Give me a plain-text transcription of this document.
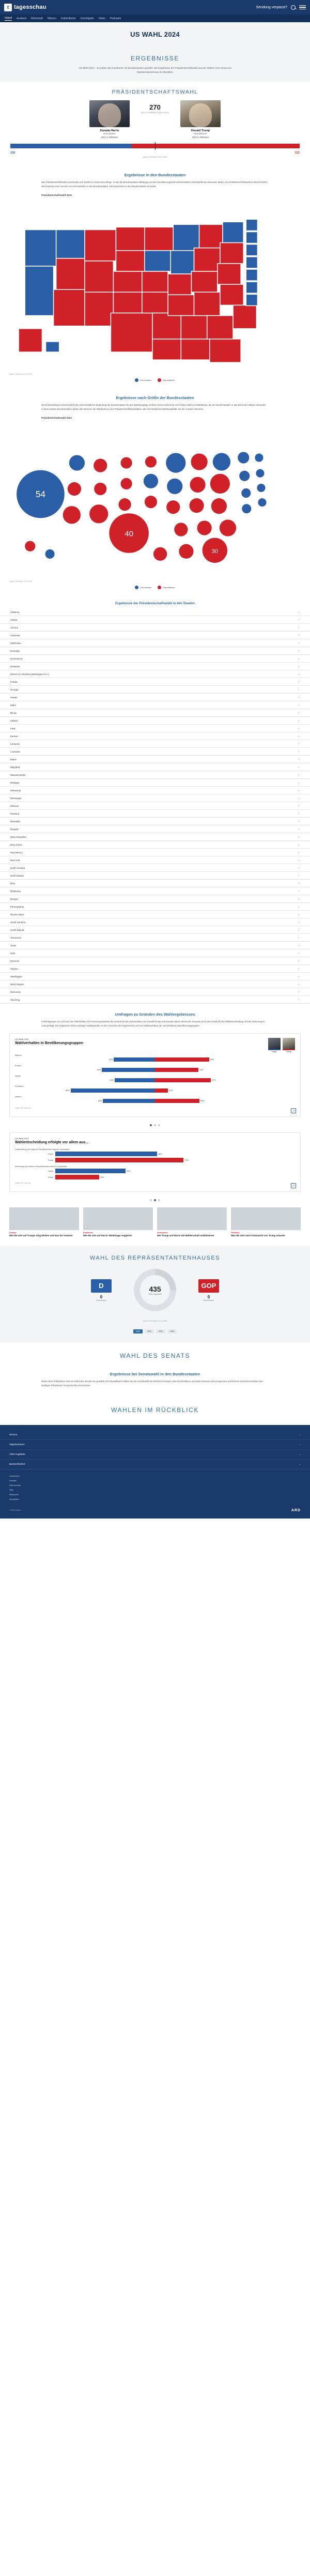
t tagesschau	Sendung verpasst?
Inland Ausland Wirtschaft Wissen Faktenfinder Investigativ Video Podcasts
US WAHL 2024
ERGEBNISSE
US-Wahl 2024 – So haben die Amerikaner US-Bundesstaaten gewählt. Die Ergebnisse der Präsidentschaftswahl und der Wahlen zum Senat und Repräsentantenhaus im Überblick.
PRÄSIDENTSCHAFTSWAHL
Kamala Harris
Demokraten
48,3 % Stimmen
270
270 STIMMEN ZUM SIEG
Donald Trump
Republikaner
49,9 % Stimmen
226	312
Quelle: AP/Stand: 13.11.2024
Ergebnisse in den Bundesstaaten
Das Präsidentschaftswahl entscheidet sich letztlich im Electoral College: In das die Bundesstaaten abhängig von ihrer Bevölkerungszahl unterschiedlich viele Wahlleute entsenden dürfen. Der Präsidentschaftswahl ist damit letztlich das Ergebnis einer Summe von Einzelwahlen in den Bundesstaaten. Die Ergebnisse in den Bundesstaaten im Detail.
Präsidentschaftswahl 2024
Quelle: AP/Stand: 13.11.2024
Demokraten	Republikaner
Ergebnisse nach Größe der Bundesstaaten
Diese Darstellung veranschaulicht die unterschiedliche Bedeutung der Bundesstaaten für den Wahlausgang: Größere Kreise stehen für eine höhere Zahl von Wahlleuten, die der Bundesstaaten in das Electoral College entsenden. In dem meisten Bundesstaaten gehen alle Stimmen der Wahlleute an den Präsidentschaftskandidaten oder die Präsidentschaftskandidatin mit den meisten Stimmen.
Präsidentschaftswahl 2024
54
40
30
Quelle: AP/Stand: 13.11.2024
Demokraten	Republikaner
Ergebnisse der Präsidentschaftswahl in den Staaten
Alabama	⌄
Alaska	⌄
Arizona	⌄
Arkansas	⌄
Kalifornien	⌄
Colorado	⌄
Connecticut	⌄
Delaware	⌄
District of Columbia (Washington D.C.)	⌄
Florida	⌄
Georgia	⌄
Hawaii	⌄
Idaho	⌄
Illinois	⌄
Indiana	⌄
Iowa	⌄
Kansas	⌄
Kentucky	⌄
Louisiana	⌄
Maine	⌄
Maryland	⌄
Massachusetts	⌄
Michigan	⌄
Minnesota	⌄
Mississippi	⌄
Missouri	⌄
Montana	⌄
Nebraska	⌄
Nevada	⌄
New Hampshire	⌄
New Jersey	⌄
New Mexico	⌄
New York	⌄
North Carolina	⌄
North Dakota	⌄
Ohio	⌄
Oklahoma	⌄
Oregon	⌄
Pennsylvania	⌄
Rhode Island	⌄
South Carolina	⌄
South Dakota	⌄
Tennessee	⌄
Texas	⌄
Utah	⌄
Vermont	⌄
Virginia	⌄
Washington	⌄
West Virginia	⌄
Wisconsin	⌄
Wyoming	⌄
Umfragen zu Gründen des Wahlergebnisses
In Befragungen vor und nach der Wahl haben US-Forschungsinstitute die Gründe für das Abschneiden von Donald Trump und Kamala Harris untersucht. Darunter auch die Gründe für die Wahlentscheidung und die Stimmung im Land gefragt. Die Ergebnisse liefern wichtige Anhaltspunkte zu den Ursachen des Ergebnisses und zum Wahlverhalten der verschiedenen Bevölkerungsgruppen.
US-Wahl 2024
Wahlverhalten in Bevölkerungsgruppen
Harris	Trump
Männer
42%	55%
Frauen
54%	44%
Weiße
41%	57%
Schwarze
86%	13%
Latinos
53%	45%
Quelle: AP VoteCast
↗
US-Wahl 2024
Wahlentscheidung erfolgte vor allem aus...
Unterstützung der eigenen Kandidatin/des eigenen Kandidaten
Harris	58%
Trump	73%
Ablehnung der anderen Kandidatin/des anderen Kandidaten
Harris	40%
Trump	25%
Quelle: AP VoteCast
↗
▶
Analyse
Wie die USA auf Trumps Sieg blicken und was ihn erwartet
▶
Reaktionen
Wie die USA auf Harris' Niederlage reagierten
Hintergrund
Wie Trump und Harris die Wählerschaft mobilisierten
Überblick
Was die USA nach Amtsantritt von Trump erwartet
WAHL DES REPRÄSENTANTENHAUSES
D
0
Demokraten
435
Sitze insgesamt
GOP
0
Republikaner
Quelle: AP/Stand: 13.11.2024
2024	2022	2020	2018
WAHL DES SENATS
Ergebnisse bei Senatswahl in den Bundesstaaten
Neben dem Präsidenten wird ein Drittel des Senats neu gewählt. Die Republikaner haben bei der Senatswahl die Mehrheit errungen. Damit kontrollieren sie beide Kammern des Kongresses und können Gesetzesvorhaben des künftigen Präsidenten Trump leichter durchsetzen.
WAHLEN IM RÜCKBLICK
Service	⌄
Tagesschau24	⌄
ARD-Angebote	⌄
Barrierefreiheit	⌄
Impressum
Kontakt
Datenschutz
Hilfe
Bildrechte
Newsletter
© ARD Online	ARD
